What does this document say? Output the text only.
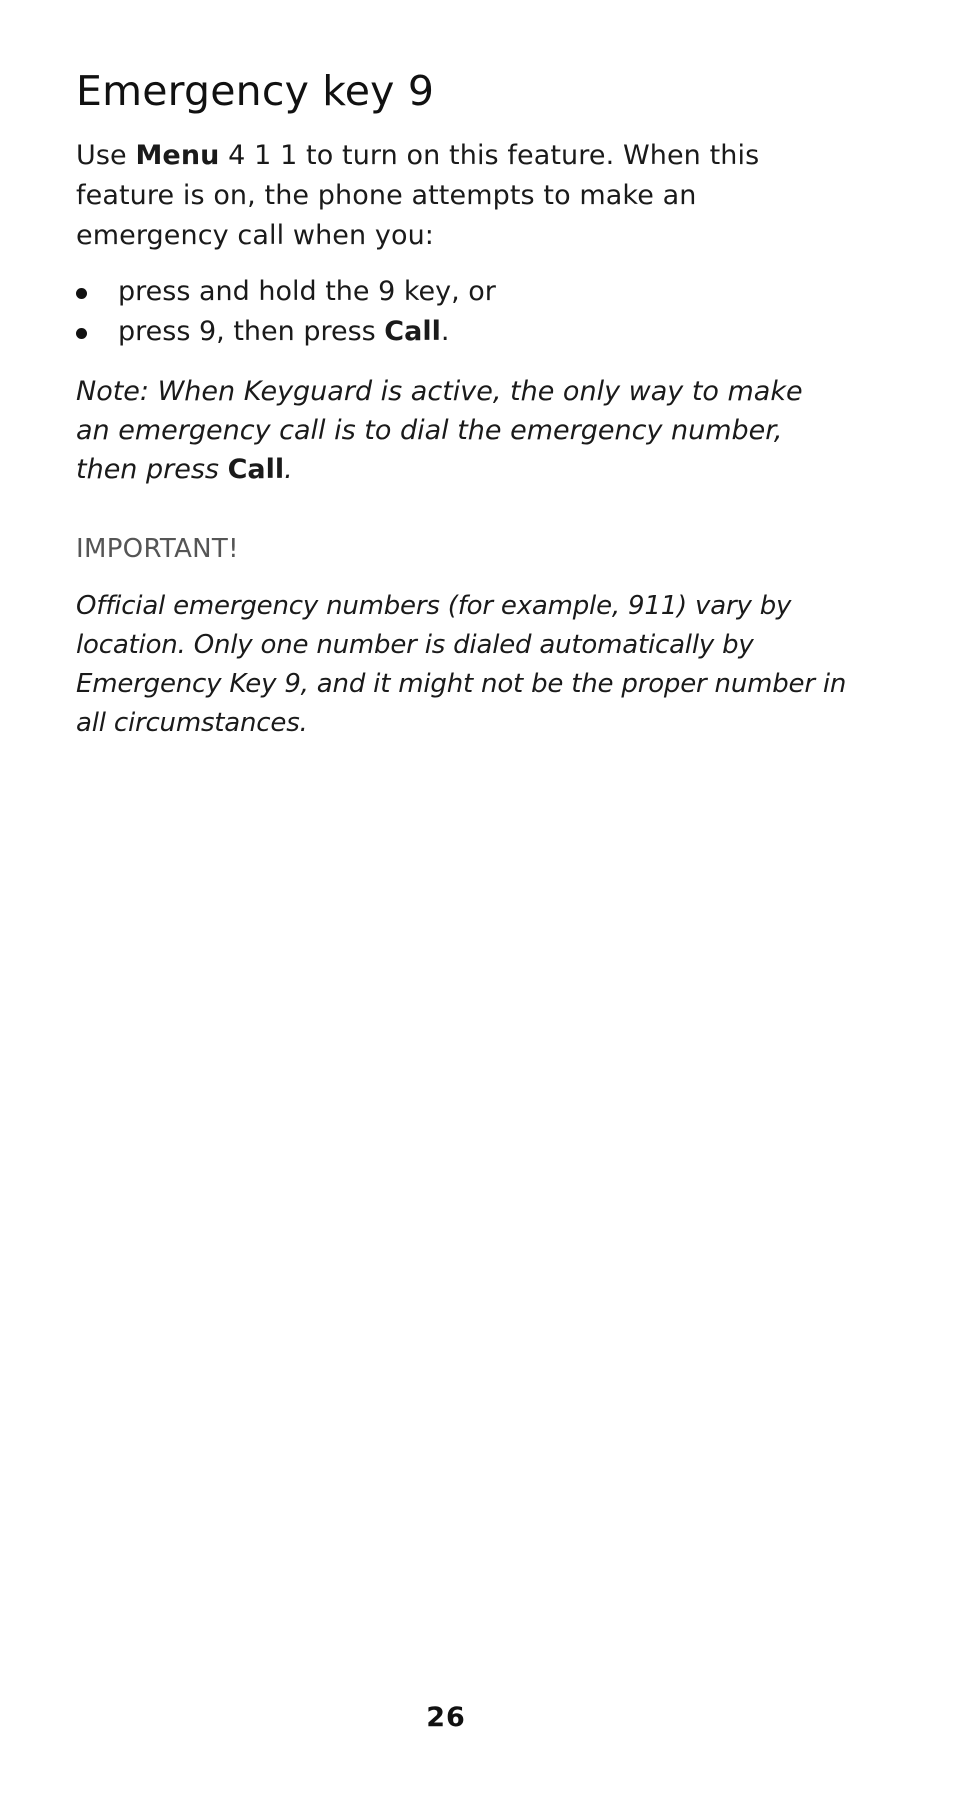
Emergency key 9

Use Menu 4 1 1 to turn on this feature. When this feature is on, the phone attempts to make an emergency call when you:

press and hold the 9 key, or
press 9, then press Call.

Note: When Keyguard is active, the only way to make an emergency call is to dial the emergency number, then press Call.

IMPORTANT!

Official emergency numbers (for example, 911) vary by location. Only one number is dialed automatically by Emergency Key 9, and it might not be the proper number in all circumstances.

26
